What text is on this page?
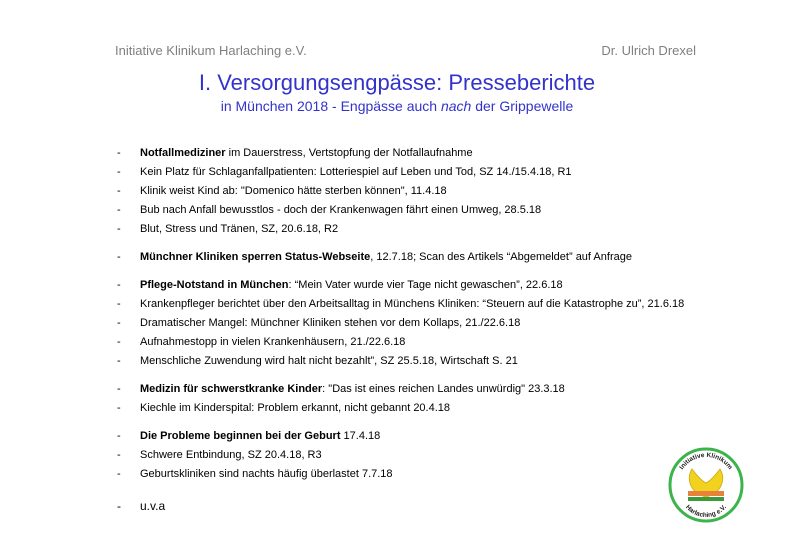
Initiative Klinikum Harlaching e.V.	Dr. Ulrich Drexel
I. Versorgungsengpässe: Presseberichte
in München 2018 - Engpässe auch nach der Grippewelle
-	Notfallmediziner im Dauerstress, Vertstopfung der Notfallaufnahme
-	Kein Platz für Schlaganfallpatienten: Lotteriespiel auf Leben und Tod, SZ 14./15.4.18, R1
-	Klinik weist Kind ab: "Domenico hätte sterben können", 11.4.18
-	Bub nach Anfall bewusstlos - doch der Krankenwagen fährt einen Umweg, 28.5.18
-	Blut, Stress und Tränen, SZ, 20.6.18, R2
-	Münchner Kliniken sperren Status-Webseite, 12.7.18; Scan des Artikels “Abgemeldet” auf Anfrage
-	Pflege-Notstand in München: “Mein Vater wurde vier Tage nicht gewaschen”, 22.6.18
-	Krankenpfleger berichtet über den Arbeitsalltag in Münchens Kliniken: “Steuern auf die Katastrophe zu”, 21.6.18
-	Dramatischer Mangel: Münchner Kliniken stehen vor dem Kollaps, 21./22.6.18
-	Aufnahmestopp in vielen Krankenhäusern, 21./22.6.18
-	Menschliche Zuwendung wird halt nicht bezahlt”, SZ 25.5.18, Wirtschaft S. 21
-	Medizin für schwerstkranke Kinder: "Das ist eines reichen Landes unwürdig" 23.3.18
-	Kiechle im Kinderspital: Problem erkannt, nicht gebannt 20.4.18
-	Die Probleme beginnen bei der Geburt 17.4.18
-	Schwere Entbindung, SZ 20.4.18, R3
-	Geburtskliniken sind nachts häufig überlastet 7.7.18
-	u.v.a
Initiative Klinikum
Harlaching e.V.
